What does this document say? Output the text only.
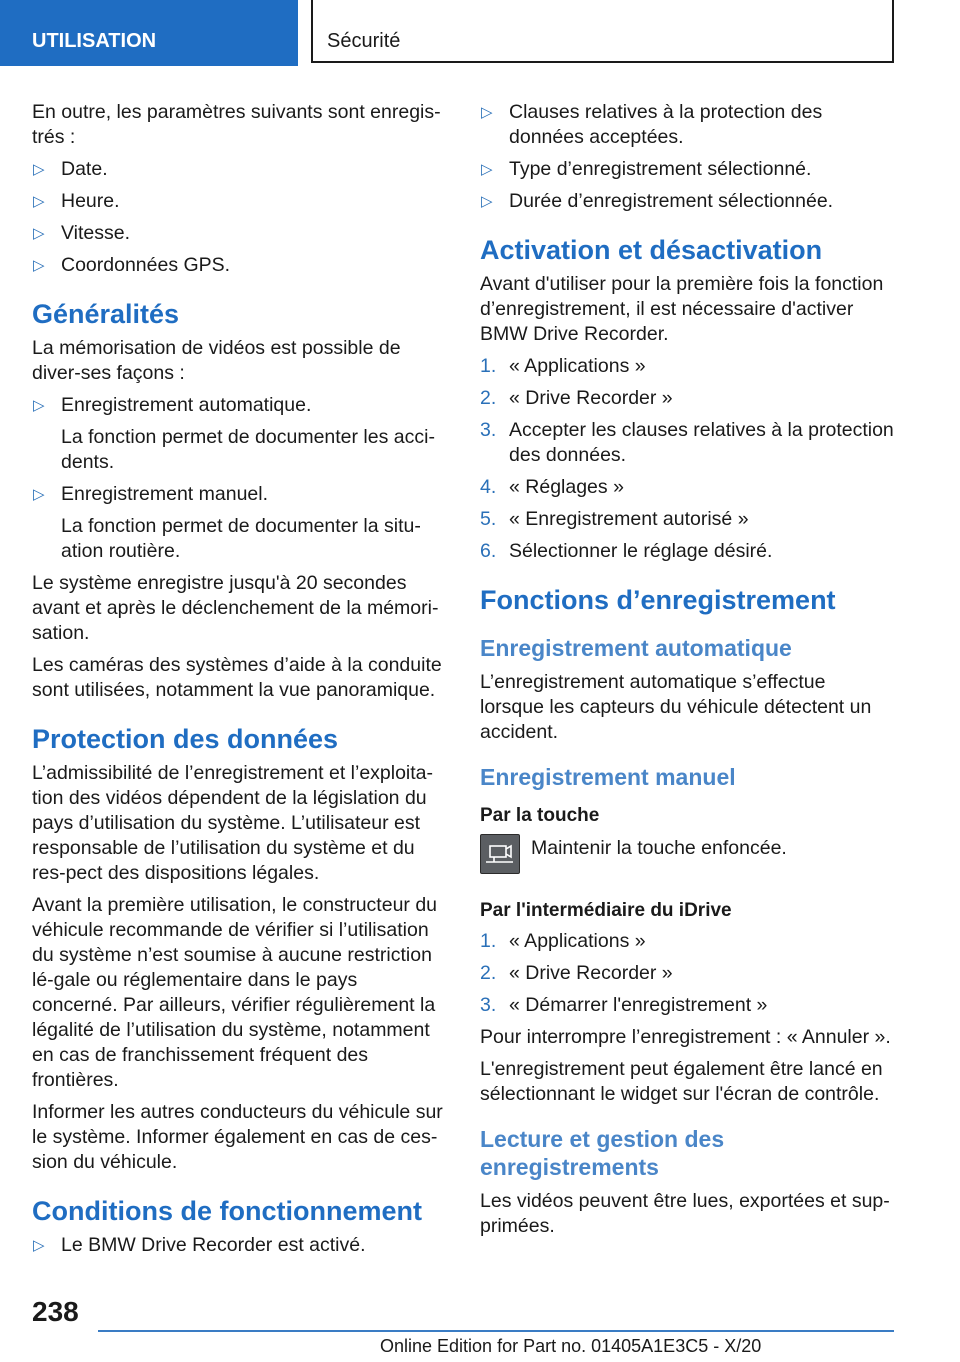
UTILISATION	Sécurité

En outre, les paramètres suivants sont enregis-trés :

▷ Date.
▷ Heure.
▷ Vitesse.
▷ Coordonnées GPS.
Généralités

La mémorisation de vidéos est possible de diver-ses façons :

▷ Enregistrement automatique.
La fonction permet de documenter les acci-dents.
▷ Enregistrement manuel.
La fonction permet de documenter la situ-ation routière.

Le système enregistre jusqu'à 20 secondes avant et après le déclenchement de la mémori-sation.

Les caméras des systèmes d’aide à la conduite sont utilisées, notamment la vue panoramique.

Protection des données

L’admissibilité de l’enregistrement et l’exploita-tion des vidéos dépendent de la législation du pays d’utilisation du système. L’utilisateur est responsable de l’utilisation du système et du res-pect des dispositions légales.

Avant la première utilisation, le constructeur du véhicule recommande de vérifier si l’utilisation du système n’est soumise à aucune restriction lé-gale ou réglementaire dans le pays concerné. Par ailleurs, vérifier régulièrement la légalité de l’utilisation du système, notamment en cas de franchissement fréquent des frontières.

Informer les autres conducteurs du véhicule sur le système. Informer également en cas de ces-sion du véhicule.

Conditions de fonctionnement
▷ Le BMW Drive Recorder est activé.
▷ Clauses relatives à la protection des données acceptées.
▷ Type d’enregistrement sélectionné.
▷ Durée d’enregistrement sélectionnée.
Activation et désactivation

Avant d'utiliser pour la première fois la fonction d’enregistrement, il est nécessaire d'activer BMW Drive Recorder.

1. « Applications »
2. « Drive Recorder »
3. Accepter les clauses relatives à la protection des données.
4. « Réglages »
5. « Enregistrement autorisé »
6. Sélectionner le réglage désiré.
Fonctions d’enregistrement
Enregistrement automatique

L’enregistrement automatique s’effectue lorsque les capteurs du véhicule détectent un accident.

Enregistrement manuel
Par la touche
Maintenir la touche enfoncée.
Par l'intermédiaire du iDrive
1. « Applications »
2. « Drive Recorder »
3. « Démarrer l'enregistrement »

Pour interrompre l’enregistrement : « Annuler ».

L'enregistrement peut également être lancé en sélectionnant le widget sur l'écran de contrôle.

Lecture et gestion des enregistrements

Les vidéos peuvent être lues, exportées et sup-primées.

238
Online Edition for Part no. 01405A1E3C5 - X/20
